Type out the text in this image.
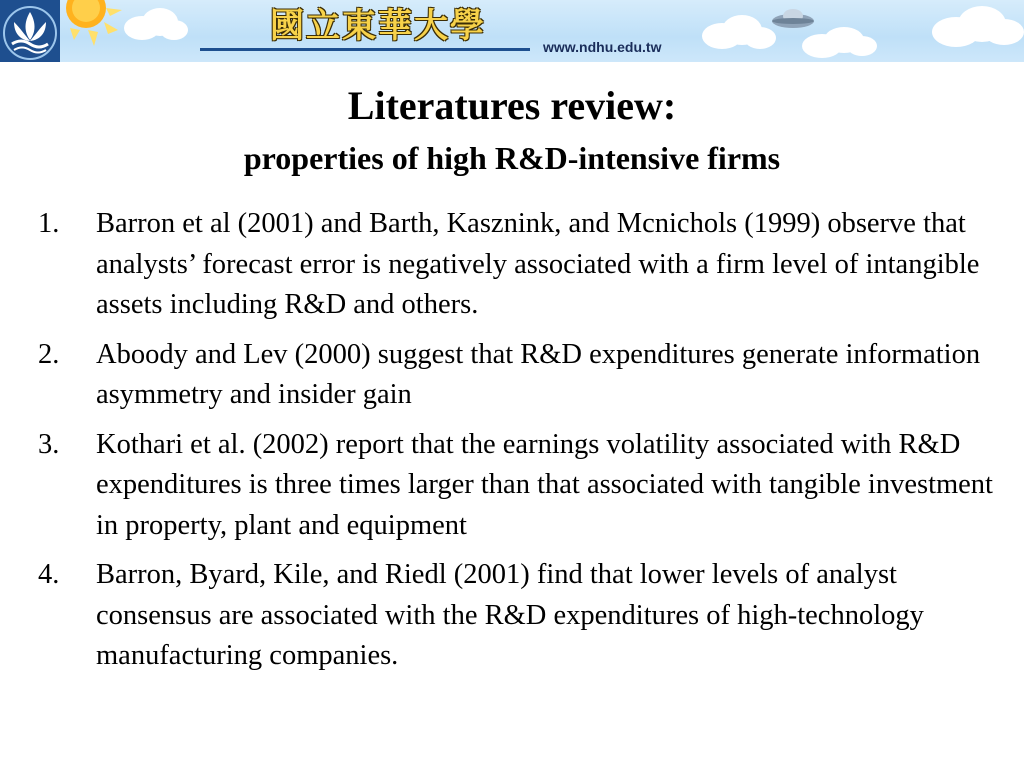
國立東華大學
www.ndhu.edu.tw
Literatures review:
properties of high R&D-intensive firms
1. Barron et al (2001) and Barth, Kasznink, and Mcnichols (1999) observe that analysts’ forecast error is negatively associated with a firm level of intangible assets including R&D and others.
2. Aboody and Lev (2000) suggest that R&D expenditures generate information asymmetry and insider gain
3. Kothari et al. (2002) report that the earnings volatility associated with R&D expenditures is three times larger than that associated with tangible investment in property, plant and equipment
4. Barron, Byard, Kile, and Riedl (2001) find that lower levels of analyst consensus are associated with the R&D expenditures of high-technology manufacturing companies.
